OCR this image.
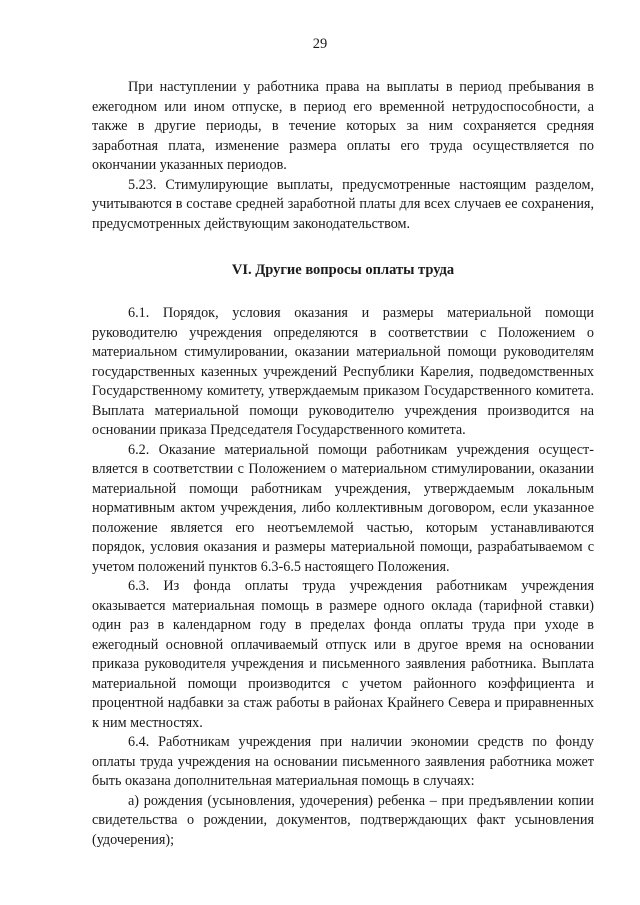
29

При наступлении у работника права на выплаты в период пребывания в ежегодном или ином отпуске, в период его временной нетрудоспособности, а также в другие периоды, в течение которых за ним сохраняется средняя заработная плата, изменение размера оплаты его труда осуществляется по окончании указанных периодов.

5.23. Стимулирующие выплаты, предусмотренные настоящим разделом, учитываются в составе средней заработной платы для всех случаев ее сохранения, предусмотренных действующим законодательством.

VI. Другие вопросы оплаты труда

6.1. Порядок, условия оказания и размеры материальной помощи руководителю учреждения определяются в соответствии с Положением о материальном стимулировании, оказании материальной помощи руководителям государственных казенных учреждений Республики Карелия, подведомственных Государственному комитету, утверждаемым приказом Государственного комитета. Выплата материальной помощи руководителю учреждения производится на основании приказа Председателя Государственного комитета.

6.2. Оказание материальной помощи работникам учреждения осуществляется в соответствии с Положением о материальном стимулировании, оказании материальной помощи работникам учреждения, утверждаемым локальным нормативным актом учреждения, либо коллективным договором, если указанное положение является его неотъемлемой частью, которым устанавливаются порядок, условия оказания и размеры материальной помощи, разрабатываемом с учетом положений пунктов 6.3-6.5 настоящего Положения.

6.3. Из фонда оплаты труда учреждения работникам учреждения оказывается материальная помощь в размере одного оклада (тарифной ставки) один раз в календарном году в пределах фонда оплаты труда при уходе в ежегодный основной оплачиваемый отпуск или в другое время на основании приказа руководителя учреждения и письменного заявления работника. Выплата материальной помощи производится с учетом районного коэффициента и процентной надбавки за стаж работы в районах Крайнего Севера и приравненных к ним местностях.

6.4. Работникам учреждения при наличии экономии средств по фонду оплаты труда учреждения на основании письменного заявления работника может быть оказана дополнительная материальная помощь в случаях:

а) рождения (усыновления, удочерения) ребенка – при предъявлении копии свидетельства о рождении, документов, подтверждающих факт усыновления (удочерения);
